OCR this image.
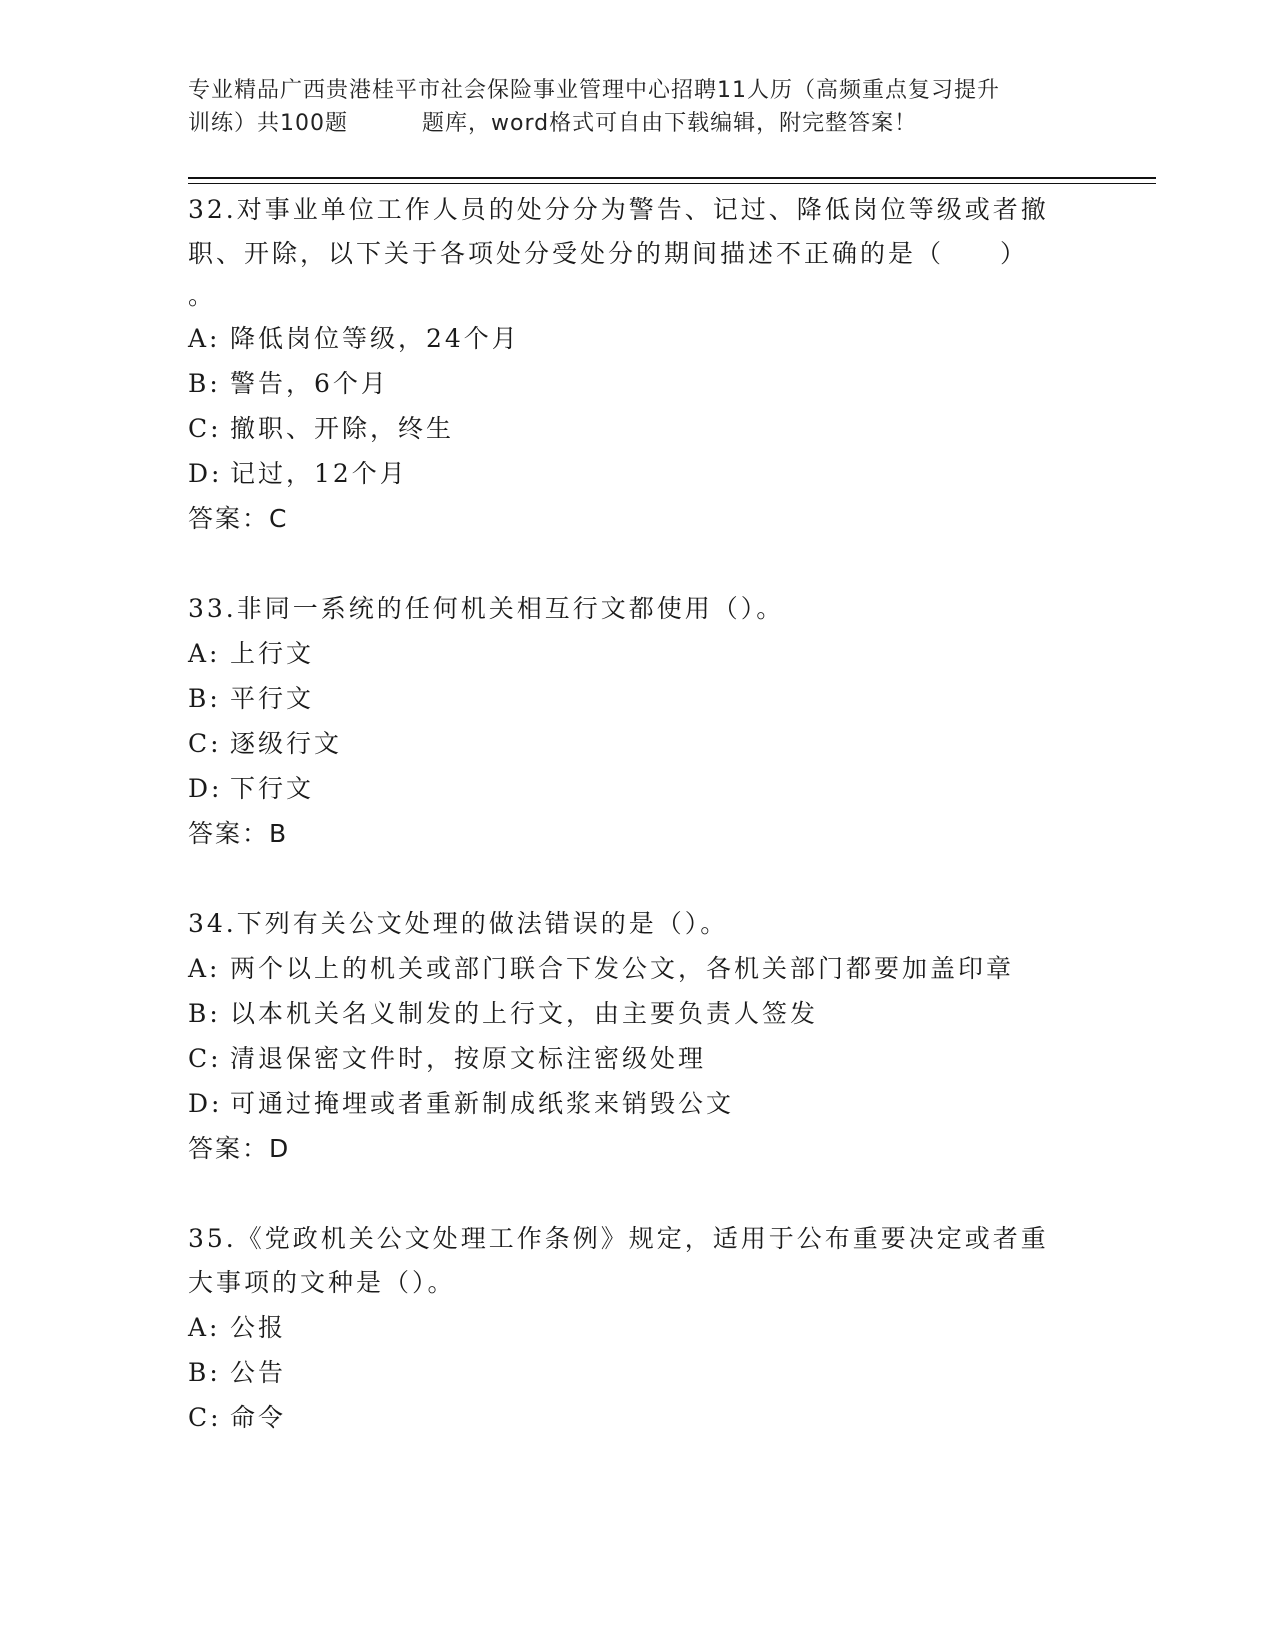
专业精品广西贵港桂平市社会保险事业管理中心招聘11人历（高频重点复习提升
训练）共100题	题库，word格式可自由下载编辑，附完整答案！

32.对事业单位工作人员的处分分为警告、记过、降低岗位等级或者撤
职、开除，以下关于各项处分受处分的期间描述不正确的是（　　）
。

A: 降低岗位等级，24个月

B: 警告，6个月

C: 撤职、开除，终生

D: 记过，12个月

答案：C

33.非同一系统的任何机关相互行文都使用（）。

A: 上行文

B: 平行文

C: 逐级行文

D: 下行文

答案：B

34.下列有关公文处理的做法错误的是（）。

A: 两个以上的机关或部门联合下发公文，各机关部门都要加盖印章

B: 以本机关名义制发的上行文，由主要负责人签发

C: 清退保密文件时，按原文标注密级处理

D: 可通过掩埋或者重新制成纸浆来销毁公文

答案：D

35.《党政机关公文处理工作条例》规定，适用于公布重要决定或者重
大事项的文种是（）。

A: 公报

B: 公告

C: 命令
